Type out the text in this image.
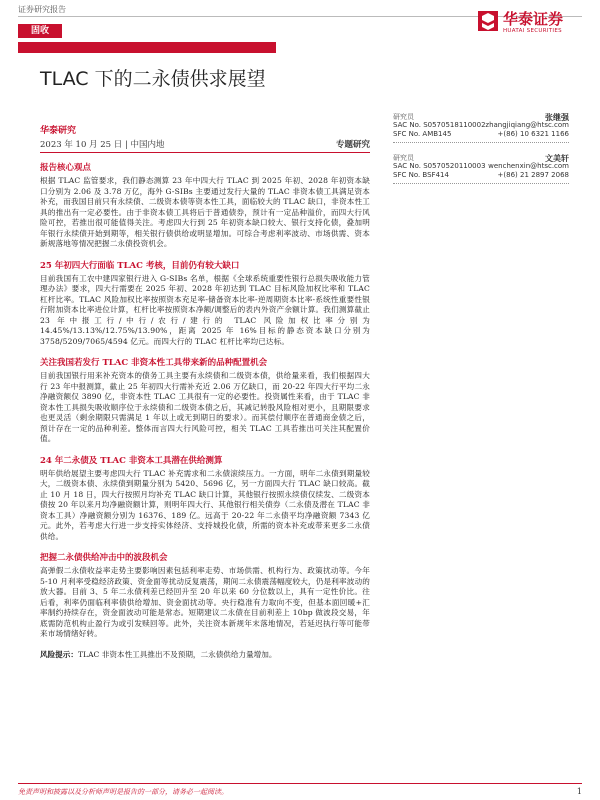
证券研究报告
华泰证券
HUATAI SECURITIES
固收
TLAC 下的二永债供求展望
华泰研究
2023 年 10 月 25 日 | 中国内地	专题研究
研究员	张继强
SAC No. S0570518110002 zhangjiqiang@htsc.com
SFC No. AMB145	+(86) 10 6321 1166
研究员	文美轩
SAC No. S0570520110003 wenchenxin@htsc.com
SFC No. BSF414	+(86) 21 2897 2068
报告核心观点

根据 TLAC 监管要求，我们静态测算 23 年中四大行 TLAC 到 2025 年初、2028 年初资本缺口分别为 2.06 及 3.78 万亿，海外 G-SIBs 主要通过发行大量的 TLAC 非资本债工具满足资本补充，而我国目前只有永续债、二级资本债等资本性工具，面临较大的 TLAC 缺口，非资本性工具的推出有一定必要性。由于非资本债工具将后于普通债券，预计有一定品种溢价，而四大行风险可控，若推出很可能值得关注。考虑四大行到 25 年初资本缺口较大、银行支持化债，叠加明年银行永续债开始到期等，相关银行债供给或明显增加。可综合考虑利率波动、市场供需、资本新规落地等情况把握二永债投资机会。

25 年初四大行面临 TLAC 考核，目前仍有较大缺口

目前我国有工农中建四家银行进入 G-SIBs 名单，根据《全球系统重要性银行总损失吸收能力管理办法》要求，四大行需要在 2025 年初、2028 年初达到 TLAC 目标风险加权比率和 TLAC 杠杆比率。TLAC 风险加权比率按照资本充足率-储备资本比率-逆周期资本比率-系统性重要性银行附加资本比率进位计算，杠杆比率按照资本净额/调整后的表内外资产余额计算。我们测算截止 23 年中报工行/中行/农行/建行的 TLAC 风险加权比率分别为 14.45%/13.13%/12.75%/13.90%，距离 2025 年 16%目标的静态资本缺口分别为 3758/5209/7065/4594 亿元。而四大行的 TLAC 杠杆比率均已达标。

关注我国若发行 TLAC 非资本性工具带来新的品种配置机会

目前我国银行用来补充资本的债务工具主要有永续债和二级资本债，供给量来看，我们根据四大行 23 年中报测算，截止 25 年初四大行需补充近 2.06 万亿缺口，而 20-22 年四大行平均二永净融资额仅 3890 亿，非资本性 TLAC 工具很有一定的必要性。投资属性来看，由于 TLAC 非资本性工具损失吸收顺序位于永续债和二级资本债之后，其减记转股风险相对更小，且期限要求也更灵活（剩余期限只需满足 1 年以上或无到期日的要求）。而其偿付顺序在普通商金债之后，预计存在一定的品种利差。整体而言四大行风险可控，相关 TLAC 工具若推出可关注其配置价值。

24 年二永债及 TLAC 非资本工具潜在供给测算

明年供给展望主要考虑四大行 TLAC 补充需求和二永债滚续压力。一方面，明年二永债到期量较大，二级资本债、永续债到期量分别为 5420、5696 亿，另一方面四大行 TLAC 缺口较高。截止 10 月 18 日，四大行按照月均补充 TLAC 缺口计算，其他银行按照永续债仅续发、二级资本债按 20 年以来月均净融资额计算，则明年四大行、其他银行相关债券（二永债及潜在 TLAC 非资本工具）净融资额分别为 16376、189 亿。远高于 20-22 年二永债平均净融资额 7343 亿元。此外，若考虑大行进一步支持实体经济、支持城投化债，所需的资本补充或带来更多二永债供给。

把握二永债供给冲击中的波段机会

高弹假二永债收益率走势主要影响因素包括利率走势、市场供需、机构行为、政策扰动等。今年 5-10 月利率受稳经济政策、资金面等扰动反复震荡，期间二永债震荡幅度较大，仍是利率波动的放大器。目前 3、5 年二永债利差已经回升至 20 年以来 60 分位数以上，具有一定性价比。往后看，利率仍面临利率债供给增加、资金面扰动等。央行稳准有力取向不变，但基本面回暖+汇率制约持续存在，资金面波动可能是常态。短期建议二永债在目前利差上 10bp 做波段交易，年底需防范机构止盈行为或引发赎回等。此外，关注资本新规年末落地情况，若延迟执行等可能带来市场情绪好转。

风险提示：TLAC 非资本性工具推出不及预期，二永债供给力量增加。
免责声明和披露以及分析师声明是报告的一部分，请务必一起阅读。	1
